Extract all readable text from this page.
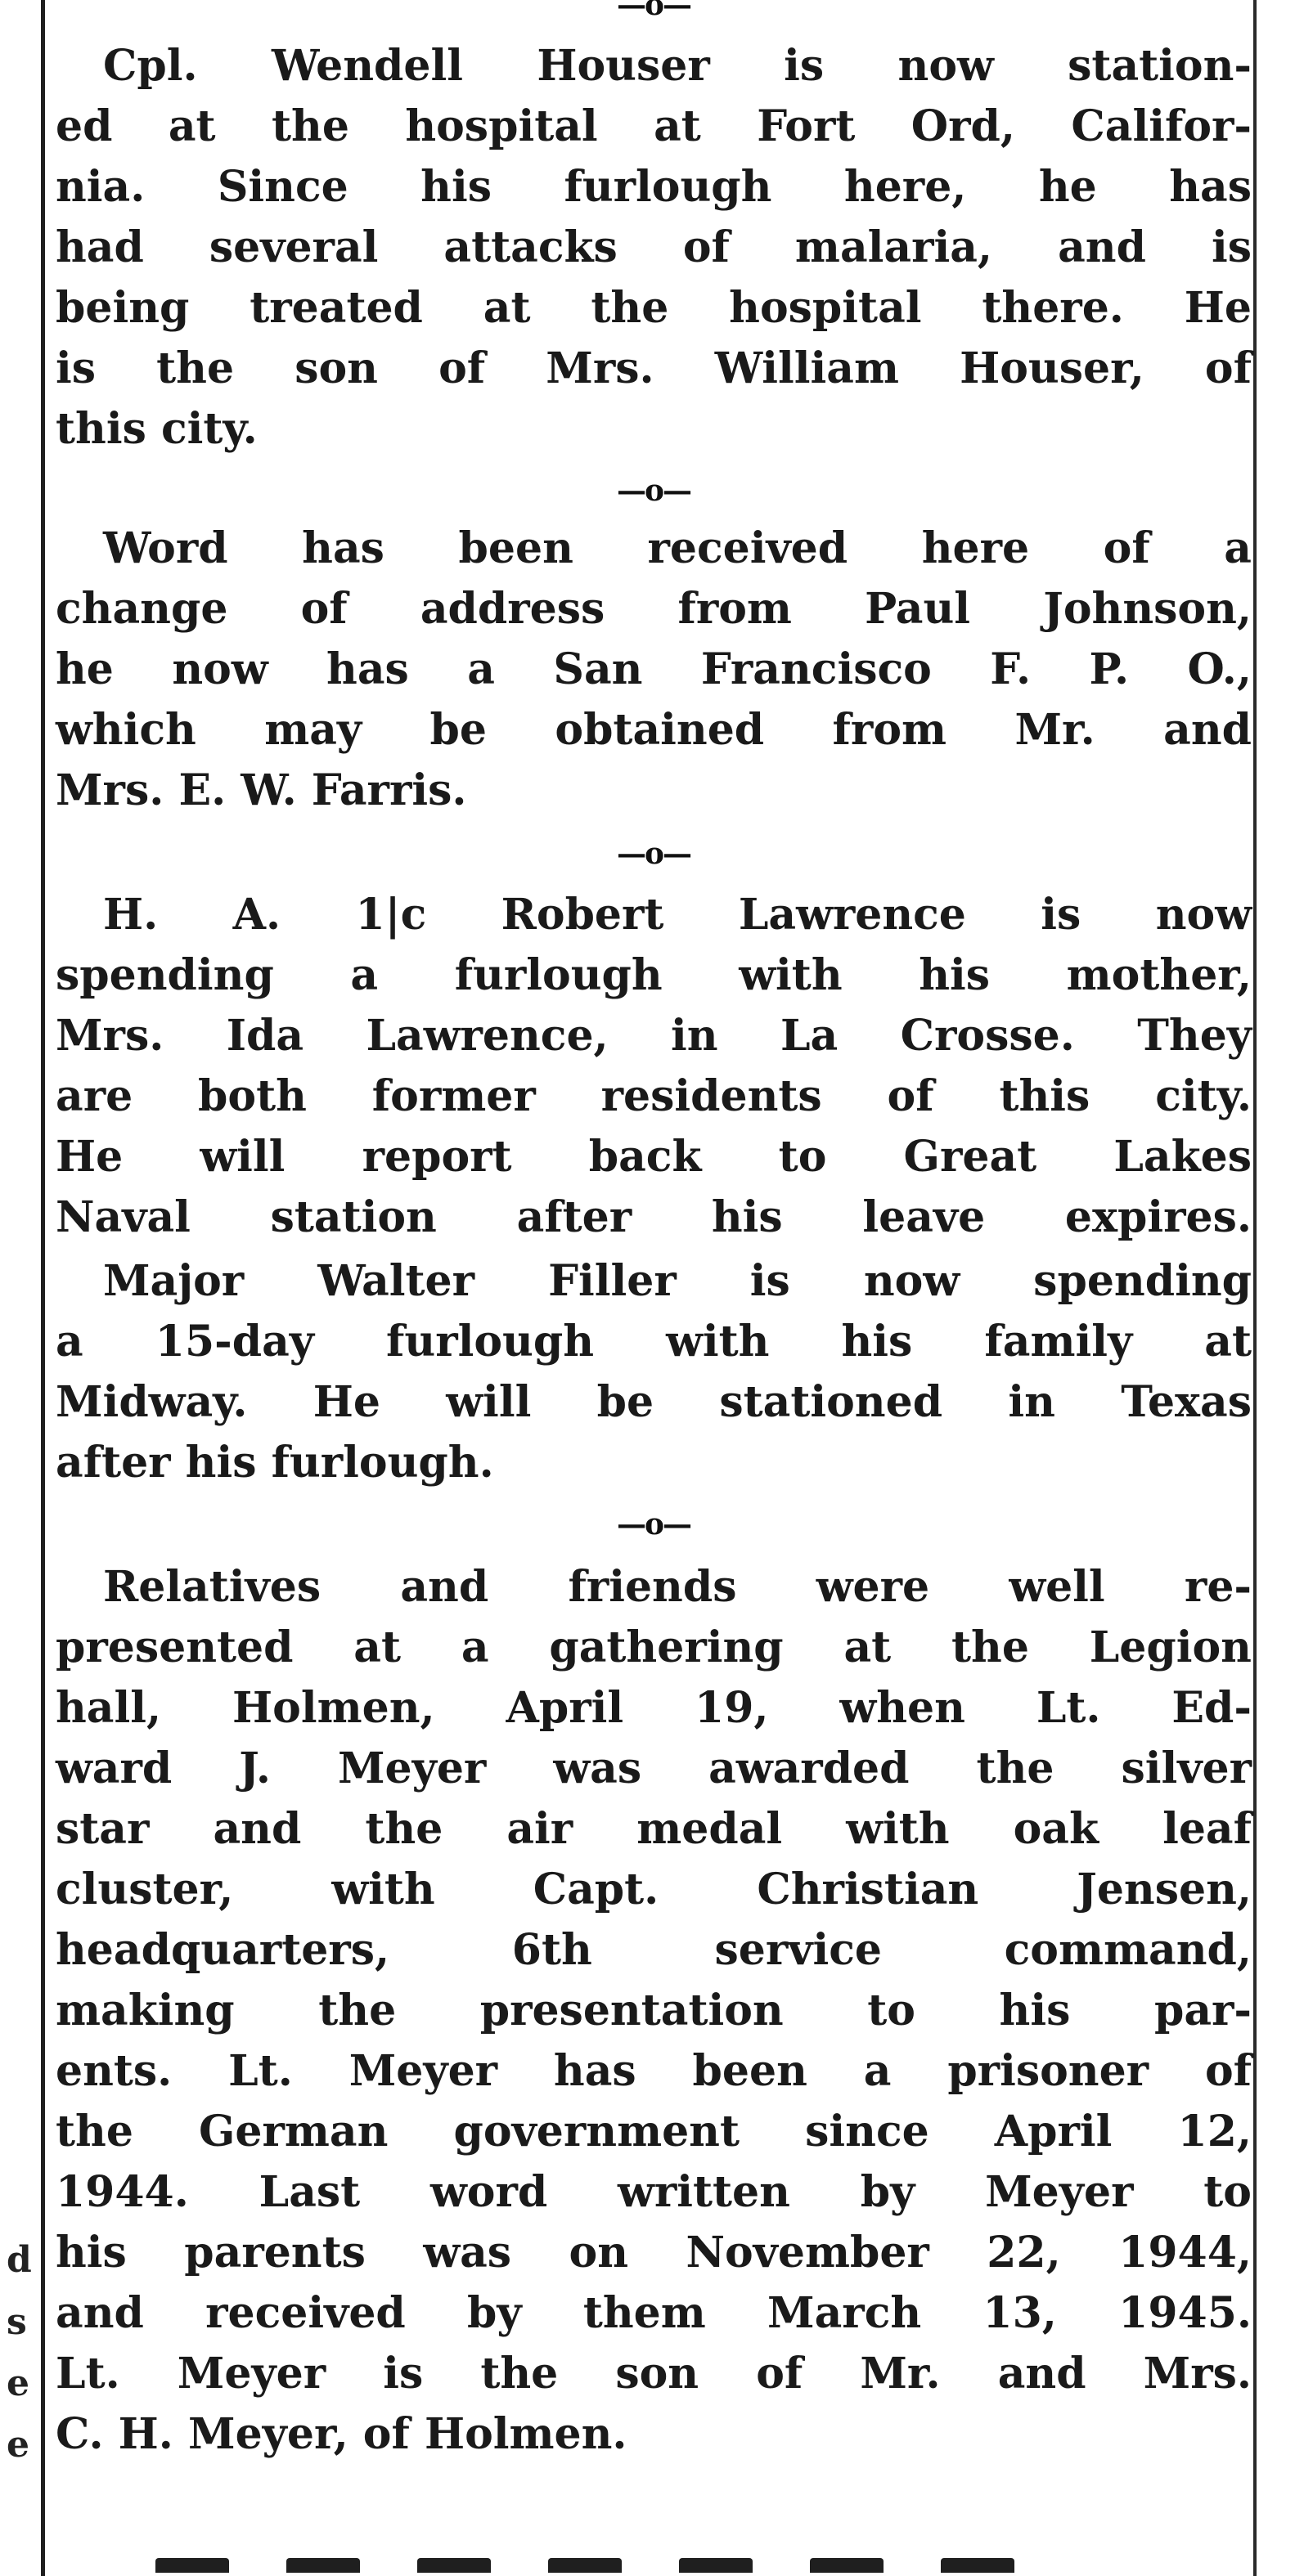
d
s
e
e
—o—
Cpl. Wendell Houser is now station-
ed at the hospital at Fort Ord, Califor-
nia. Since his furlough here, he has
had several attacks of malaria, and is
being treated at the hospital there. He
is the son of Mrs. William Houser, of
this city.
—o—
Word has been received here of a
change of address from Paul Johnson,
he now has a San Francisco F. P. O.,
which may be obtained from Mr. and
Mrs. E. W. Farris.
—o—
H. A. 1|c Robert Lawrence is now
spending a furlough with his mother,
Mrs. Ida Lawrence, in La Crosse. They
are both former residents of this city.
He will report back to Great Lakes
Naval station after his leave expires.
Major Walter Filler is now spending
a 15-day furlough with his family at
Midway. He will be stationed in Texas
after his furlough.
—o—
Relatives and friends were well re-
presented at a gathering at the Legion
hall, Holmen, April 19, when Lt. Ed-
ward J. Meyer was awarded the silver
star and the air medal with oak leaf
cluster, with Capt. Christian Jensen,
headquarters, 6th service command,
making the presentation to his par-
ents. Lt. Meyer has been a prisoner of
the German government since April 12,
1944. Last word written by Meyer to
his parents was on November 22, 1944,
and received by them March 13, 1945.
Lt. Meyer is the son of Mr. and Mrs.
C. H. Meyer, of Holmen.
